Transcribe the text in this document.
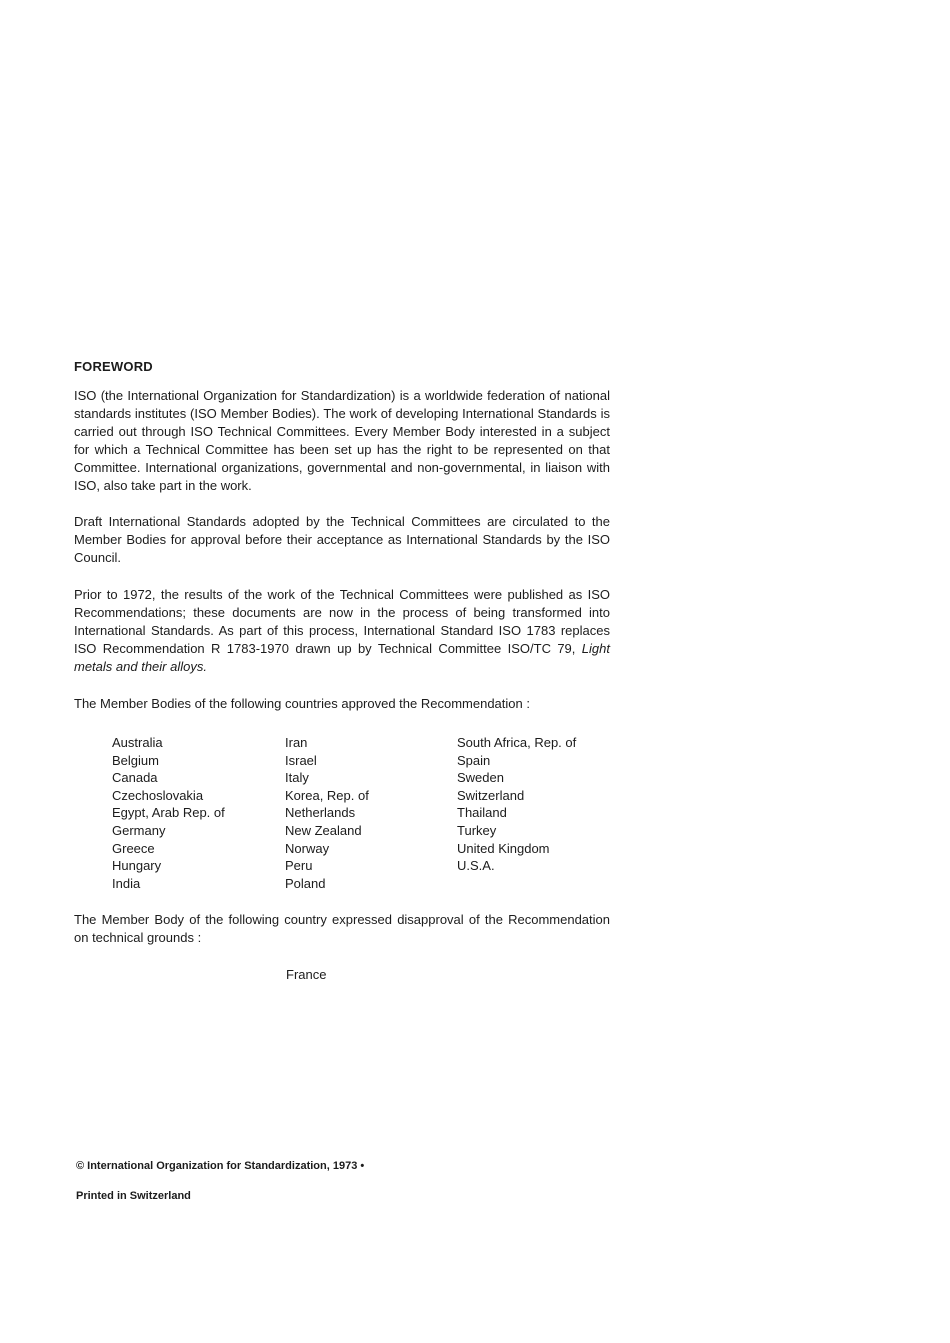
FOREWORD

ISO (the International Organization for Standardization) is a worldwide federation of national standards institutes (ISO Member Bodies). The work of developing International Standards is carried out through ISO Technical Committees. Every Member Body interested in a subject for which a Technical Committee has been set up has the right to be represented on that Committee. International organizations, governmental and non-governmental, in liaison with ISO, also take part in the work.

Draft International Standards adopted by the Technical Committees are circulated to the Member Bodies for approval before their acceptance as International Standards by the ISO Council.

Prior to 1972, the results of the work of the Technical Committees were published as ISO Recommendations; these documents are now in the process of being transformed into International Standards. As part of this process, International Standard ISO 1783 replaces ISO Recommendation R 1783-1970 drawn up by Technical Committee ISO/TC 79, Light metals and their alloys.

The Member Bodies of the following countries approved the Recommendation :

Australia
Belgium
Canada
Czechoslovakia
Egypt, Arab Rep. of
Germany
Greece
Hungary
India
Iran
Israel
Italy
Korea, Rep. of
Netherlands
New Zealand
Norway
Peru
Poland
South Africa, Rep. of
Spain
Sweden
Switzerland
Thailand
Turkey
United Kingdom
U.S.A.

The Member Body of the following country expressed disapproval of the Recommendation on technical grounds :

France
© International Organization for Standardization, 1973 •
Printed in Switzerland
